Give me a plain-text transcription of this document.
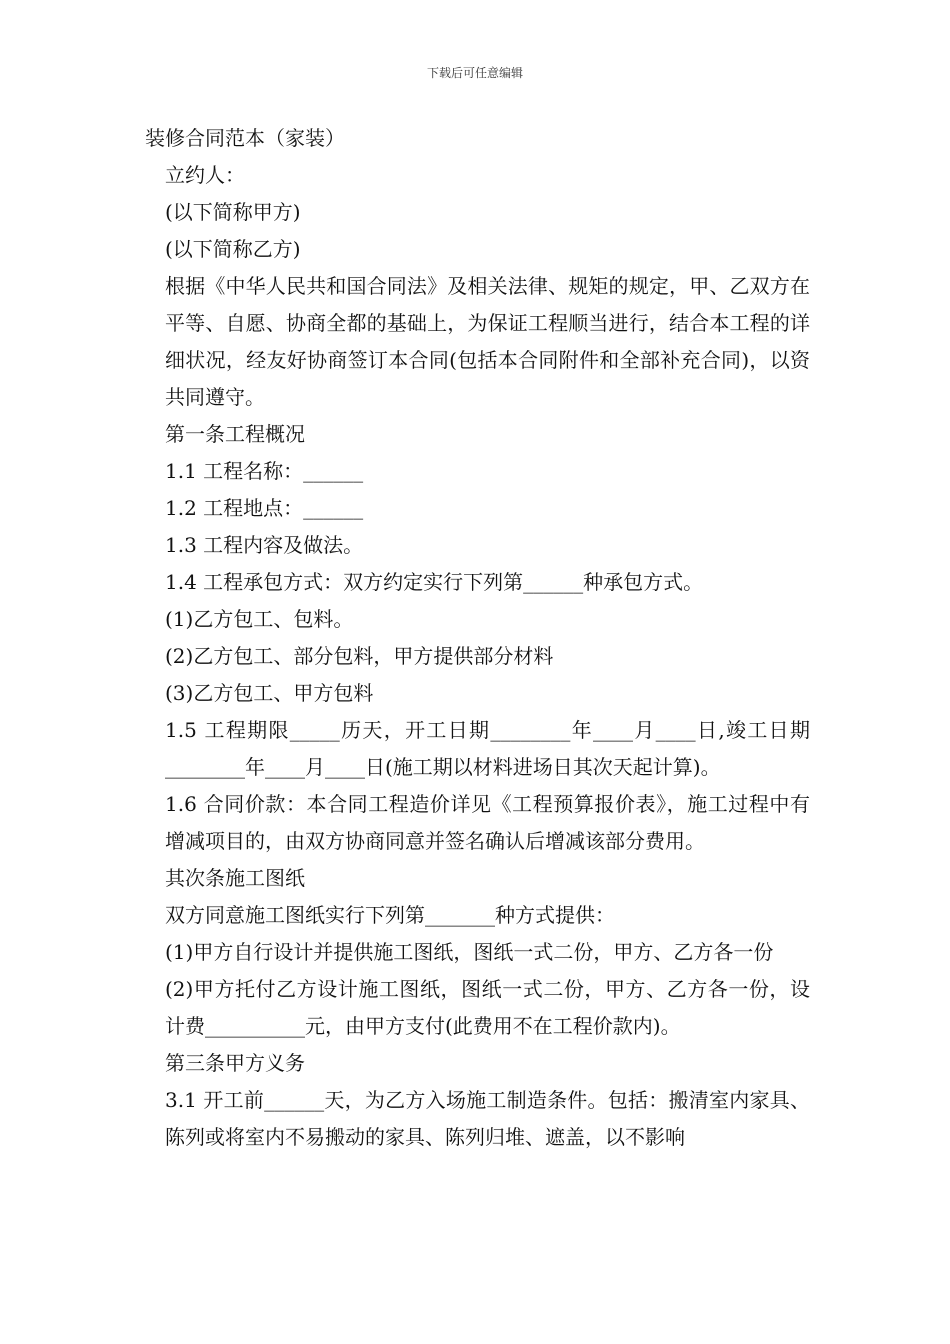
下载后可任意编辑

装修合同范本（家装）

立约人：

(以下简称甲方)

(以下简称乙方)

根据《中华人民共和国合同法》及相关法律、规矩的规定，甲、乙双方在平等、自愿、协商全都的基础上，为保证工程顺当进行，结合本工程的详细状况，经友好协商签订本合同(包括本合同附件和全部补充合同)，以资共同遵守。

第一条工程概况

1.1 工程名称：______

1.2 工程地点：______

1.3 工程内容及做法。

1.4 工程承包方式：双方约定实行下列第______种承包方式。

(1)乙方包工、包料。

(2)乙方包工、部分包料，甲方提供部分材料

(3)乙方包工、甲方包料

1.5 工程期限_____历天，开工日期________年____月____日,竣工日期________年____月____日(施工期以材料进场日其次天起计算)。

1.6 合同价款：本合同工程造价详见《工程预算报价表》，施工过程中有增减项目的，由双方协商同意并签名确认后增减该部分费用。

其次条施工图纸

双方同意施工图纸实行下列第_______种方式提供：

(1)甲方自行设计并提供施工图纸，图纸一式二份，甲方、乙方各一份

(2)甲方托付乙方设计施工图纸，图纸一式二份，甲方、乙方各一份，设计费__________元，由甲方支付(此费用不在工程价款内)。

第三条甲方义务

3.1 开工前______天，为乙方入场施工制造条件。包括：搬清室内家具、陈列或将室内不易搬动的家具、陈列归堆、遮盖，以不影响
